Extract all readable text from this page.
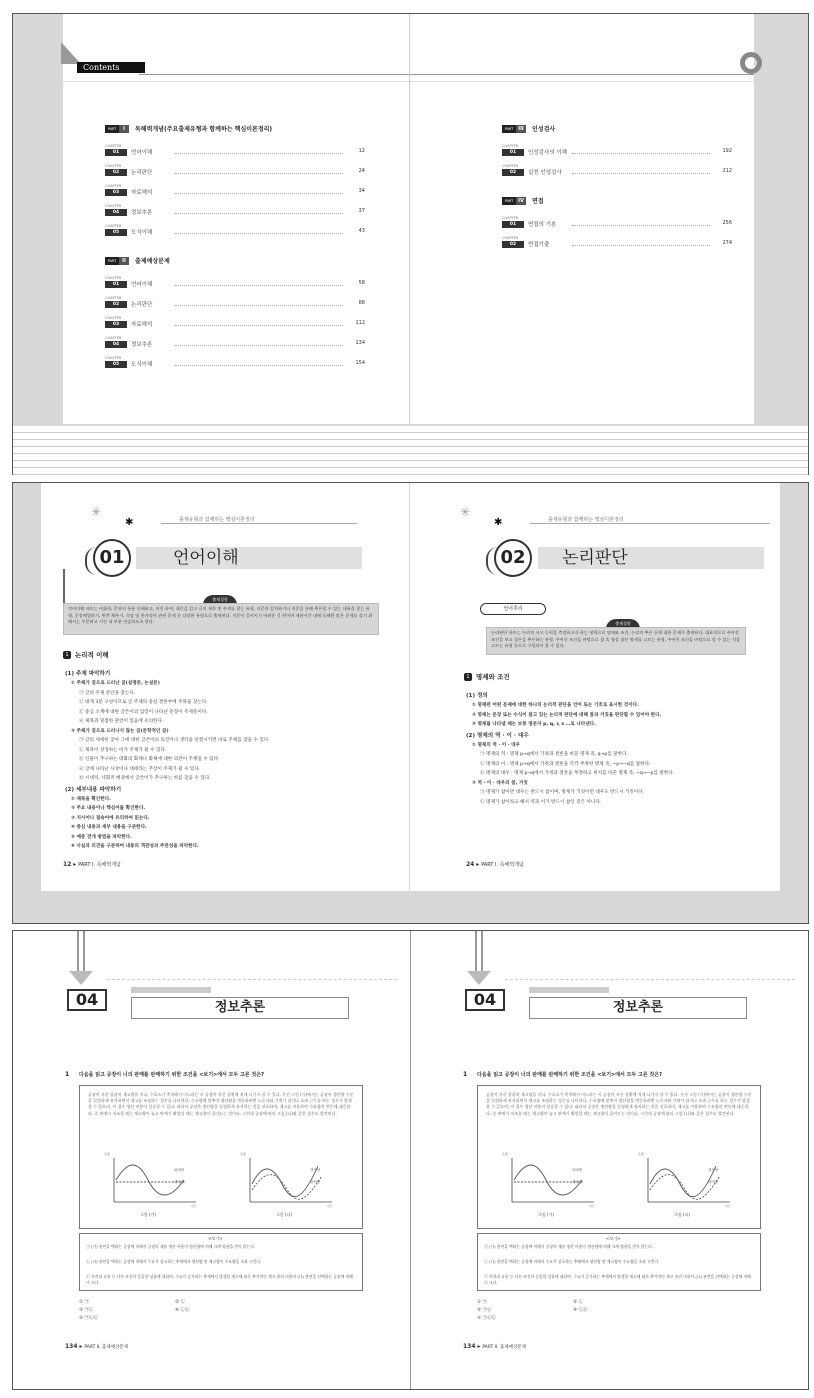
Contents
PART	I	독해력개념(주요출제유형과 함께하는 핵심이론정리)
CHAPTER
01	언어이해	12
CHAPTER
02	논리판단	24
CHAPTER
03	자료해석	34
CHAPTER
04	정보추론	37
CHAPTER
05	도식이해	43
PART	II	출제예상문제
CHAPTER
01	언어이해	58
CHAPTER
02	논리판단	88
CHAPTER
03	자료해석	112
CHAPTER
04	정보추론	134
CHAPTER
05	도식이해	154
PART III	인성검사
CHAPTER
01	인성검사의 이해	192
CHAPTER
02	실전 인성검사	212
PART IV	면접
CHAPTER
01	면접의 기본	256
CHAPTER
02	면접기출	274
✳
✱	출제유형과 함께하는 핵심이론정리
01	언어이해
출제경향
언어이해 파트는 어휘력, 문단의 통용 독해하고, 어진 하여, 대응을 읽고 글의 제목 및 주제를 찾는 유형, 지문과 일치하거나 지문을 통해 추론할 수 있는 내용을 찾는 유형, 문장배열하기, 빈칸 채우기, 속담 및 한자성어 관련 문제 등 다양한 유형으로 출제된다. 지문이 길어지기 어려운 긴 편이며 제한시간 내에 독해한 많은 문제를 풀기 위해서는 꾸준하고 시간 내 부분 연습하도록 한다.
1 논리적 이해
(1) 주제 파악하기
① 주제가 겉으로 드러난 글(설명문, 논설문)
㉠ 글의 주제 문단을 찾는다.
㉡ 대개 3문 구성이므로 글 주제의 중심 결론부에 주목을 찾는다.
㉢ 중심 소재에 대한 글쓴이의 입장이 나타난 문장이 주제문이다.
㉣ 제목과 밀접한 관련이 있음에 유의한다.
② 주제가 겉으로 드러나지 않는 글(문학적인 글)
㉠ 글의 세세한 찾아 그에 대한 글쓴이의 의견이나 생각을 연결시키면 바로 주제를 찾을 수 있다.
㉡ 제목이 상징하는 바가 주제가 될 수 있다.
㉢ 인물이 추구하는 대화의 화제나 화제에 대한 의견이 주제일 수 있다.
㉣ 글에 나타난 사상이나 대세라는 주장이 주제가 될 수 있다.
㉤ 시대적, 사회적 배경에서 글쓴이가 추구하는 바를 찾을 수 있다.
(2) 세부내용 파악하기
① 제목을 확인한다.
② 주요 내용이나 핵심어를 확인한다.
③ 지시어나 접속어에 유의하여 읽는다.
④ 중심 내용과 세부 내용을 구분한다.
⑤ 예증 전개 방법을 파악한다.
⑥ 사실과 의견을 구분하여 내용의 객관성과 주관성을 파악한다.
12 ▸ PART Ⅰ. 독해력개념
✳
✱	출제유형과 함께하는 핵심이론정리
02	논리판단
언어추리
출제경향
논리판단 파트는 논리적 사고 능력을 측정하고자 하는 영역으로 명제와 조건, 논리적 추론 등에 대한 문제가 출제된다. 대표적으로 주어진 조건을 보고 결론을 추론하는 유형, 주어진 조건을 바탕으로 참 혹 항상 참인 명제를 고르는 유형, 주어진 조건을 바탕으로 할 수 있는 것을 고르는 유형 등으로 구성되어 볼 수 있다.
1 명제와 조건
(1) 정의
① 명제란 어떤 문제에 대한 하나의 논리적 판단을 언어 또는 기호로 표시한 것이다.
② 명제는 문장 또는 수식이 참고 있는 논리적 판단에 대해 참과 거짓을 판단할 수 있어야 한다.
③ 명제를 나타낼 때는 보통 영문자 p, q, r, s …로 나타낸다.
(2) 명제의 역 · 이 · 대우
① 명제의 역 · 이 · 대우
㉠ 명제의 역 : 명제 p→q에서 가정과 결론을 바꾼 명제 즉, q→p를 말한다.
㉡ 명제의 이 : 명제 p→q에서 가정과 결론을 각각 부정한 명제 즉, ~p→~q를 말한다.
㉢ 명제의 대우 : 명제 p→q에서 가정과 결론을 부정하고 위치를 바꾼 명제 즉, ~q→~p를 말한다.
② 역 · 이 · 대우의 참, 거짓
㉠ 명제가 참이면 대우는 반드시 참이며, 명제가 거짓이면 대우도 반드시 거짓이다.
㉡ 명제가 참이라고 해서 역과 이가 반드시 참인 것은 아니다.
24 ▸ PART Ⅰ. 독해력개념
04	정보추론
1 다음을 읽고 공장이 너의 판매를 판매하기 위한 조건을 <보기>에서 모두 고른 것은?
공장이 자신 상품의 재고량을 지니, 수요소가 축적해서 비느라는 지 공장이 자신 상황에 적게 나가자 할 수 있다. 우선 그림 (가)에서는 공장이 생산량 수준을 일정하게 유지하면서 재고를 조정하는 경우를 나타낸다. 수요량에 맞추어 생산량을 변동하려면 노동자와 기계가 쉬거나 초과 근무를 하는 경우가 발생할 수 있으며, 이 경우 생산 비용이 상승할 수 있다. 따라서 공장은 생산량을 일정하게 유지하는 것을 선호하며, 재고를 이용하여 수요량의 변동에 대응한다. 즉 판매가 저조할 때는 재고량이 늘고 판매가 활발할 때는 재고량이 줄어드는 것이다. 그런데 공장에 따라 그림 (나)와 같은 경우도 발견된다.
판매량
생산량
시간
수량
그림 (가)
생산량
판매량
시간
수량
그림 (나)
<보기>
㉠ (가) 관련을 택하는 공장에 비해서 공장의 재품 생산 비용이 생산량에 의해 크게 영향을 받지 않는다.
㉡ (나) 관련을 택하는 공장에 비해서 수요가 감소하는 추세에서 생산량 및 재고량이 수요량을 초과 시킨다.
㉢ 가격과 유통 등 다른 조건이 동일한 상품에 대하여, 수요가 증가하는 추세에서 발생한 재고에 따른 추가적인 재고 관리 비용이 (나) 관련을 선택하는 공장에 비해 더 크다.
① ㉠	② ㉡
③ ㉠㉡	④ ㉡㉢
⑤ ㉠㉡㉢
134 ▸ PART Ⅱ. 출제예상문제
04	정보추론
1 다음을 읽고 공장이 너의 판매를 판매하기 위한 조건을 <보기>에서 모두 고른 것은?
공장이 자신 상품의 재고량을 지니, 수요소가 축적해서 비느라는 지 공장이 자신 상황에 적게 나가자 할 수 있다. 우선 그림 (가)에서는 공장이 생산량 수준을 일정하게 유지하면서 재고를 조정하는 경우를 나타낸다. 수요량에 맞추어 생산량을 변동하려면 노동자와 기계가 쉬거나 초과 근무를 하는 경우가 발생할 수 있으며, 이 경우 생산 비용이 상승할 수 있다. 따라서 공장은 생산량을 일정하게 유지하는 것을 선호하며, 재고를 이용하여 수요량의 변동에 대응한다. 즉 판매가 저조할 때는 재고량이 늘고 판매가 활발할 때는 재고량이 줄어드는 것이다. 그런데 공장에 따라 그림 (나)와 같은 경우도 발견된다.
판매량
생산량
시간
수량
그림 (가)
생산량
판매량
시간
수량
그림 (나)
<보기>
㉠ (가) 관련을 택하는 공장에 비해서 공장의 재품 생산 비용이 생산량에 의해 크게 영향을 받지 않는다.
㉡ (나) 관련을 택하는 공장에 비해서 수요가 감소하는 추세에서 생산량 및 재고량이 수요량을 초과 시킨다.
㉢ 가격과 유통 등 다른 조건이 동일한 상품에 대하여, 수요가 증가하는 추세에서 발생한 재고에 따른 추가적인 재고 관리 비용이 (나) 관련을 선택하는 공장에 비해 더 크다.
① ㉠	② ㉡
③ ㉠㉡	④ ㉡㉢
⑤ ㉠㉡㉢
134 ▸ PART Ⅱ. 출제예상문제
